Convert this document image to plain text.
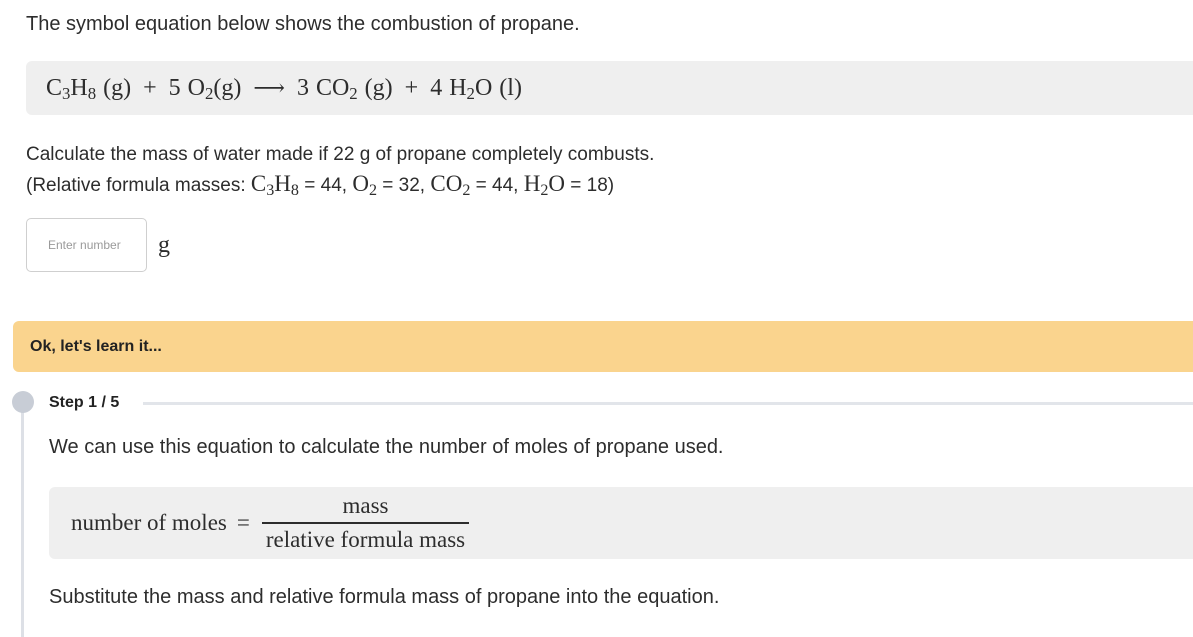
The symbol equation below shows the combustion of propane.

$C_3H_8$ (g) + 5 $O_2(g)$ ⟶ 3 $CO_2$ (g) + 4 $H_2O$ (l)

Calculate the mass of water made if 22 g of propane completely combusts.
(Relative formula masses: $C_3H_8 = 44$, $O_2 = 32$, $CO_2 = 44$, $H_2O = 18$)

Enter number
g
Ok, let's learn it...
Step 1 / 5

We can use this equation to calculate the number of moles of propane used.

number of moles = $\frac{\text{mass}}{\text{relative formula mass}}$

Substitute the mass and relative formula mass of propane into the equation.
